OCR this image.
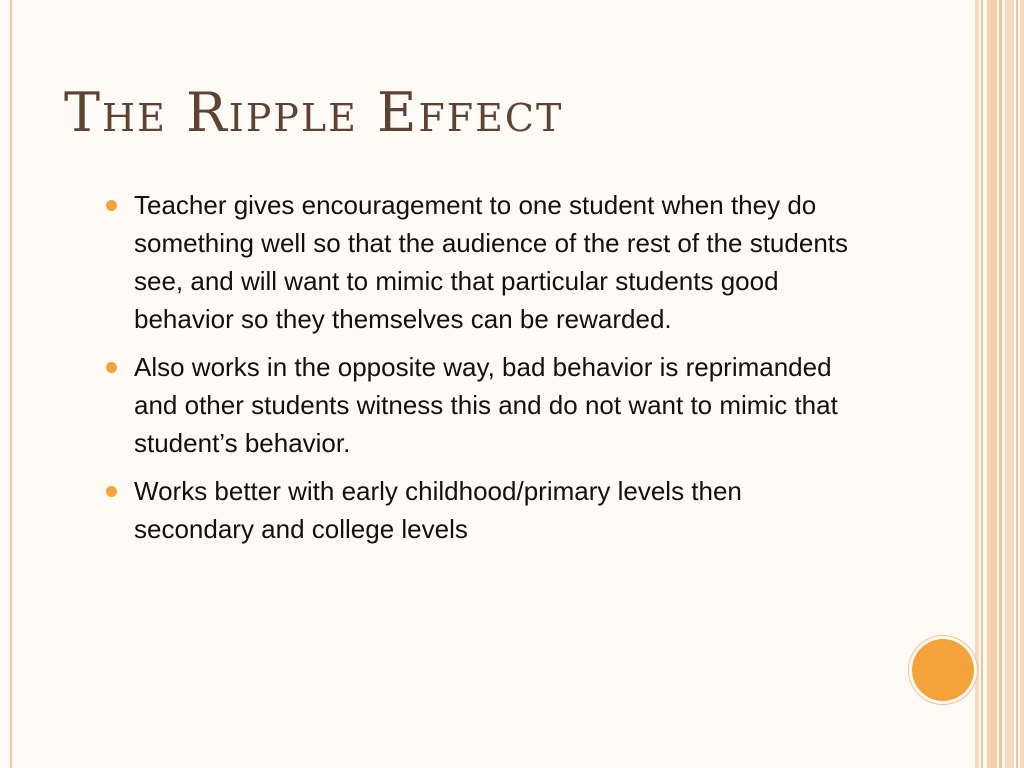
The Ripple Effect
Teacher gives encouragement to one student when they do something well so that the audience of the rest of the students see, and will want to mimic that particular students good behavior so they themselves can be rewarded.
Also works in the opposite way, bad behavior is reprimanded and other students witness this and do not want to mimic that student’s behavior.
Works better with early childhood/primary levels then secondary and college levels
